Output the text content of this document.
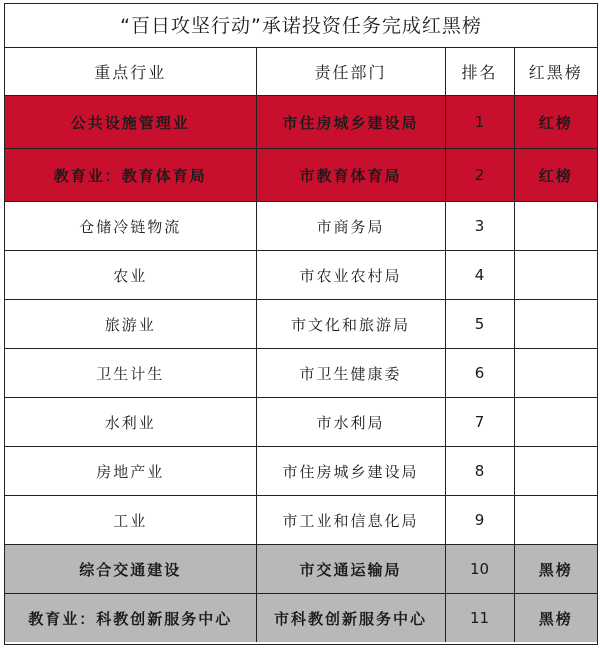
“百日攻坚行动”承诺投资任务完成红黑榜
重点行业	责任部门	排名	红黑榜
公共设施管理业	市住房城乡建设局	1	红榜
教育业：教育体育局	市教育体育局	2	红榜
仓储冷链物流	市商务局	3	
农业	市农业农村局	4	
旅游业	市文化和旅游局	5	
卫生计生	市卫生健康委	6	
水利业	市水利局	7	
房地产业	市住房城乡建设局	8	
工业	市工业和信息化局	9	
综合交通建设	市交通运输局	10	黑榜
教育业：科教创新服务中心	市科教创新服务中心	11	黑榜
